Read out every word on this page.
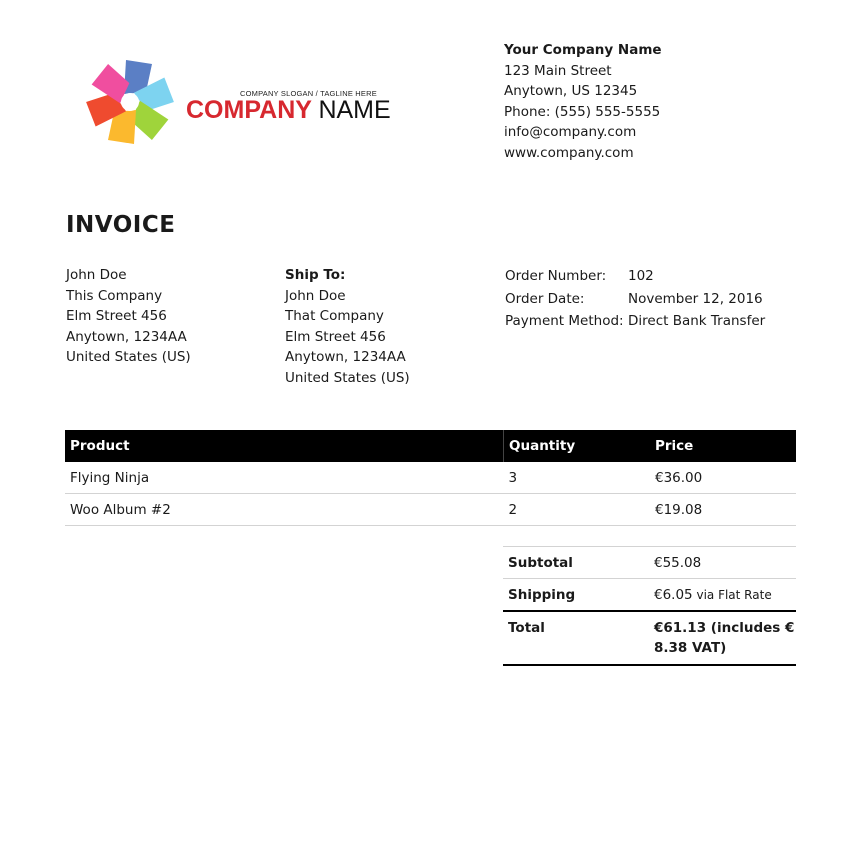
COMPANY SLOGAN / TAGLINE HERE
COMPANY NAME
Your Company Name
123 Main Street
Anytown, US 12345
Phone: (555) 555-5555
info@company.com
www.company.com
INVOICE
John Doe
This Company
Elm Street 456
Anytown, 1234AA
United States (US)
Ship To:
John Doe
That Company
Elm Street 456
Anytown, 1234AA
United States (US)
Order Number:	102
Order Date:	November 12, 2016
Payment Method: Direct Bank Transfer
Product	Quantity	Price
Flying Ninja	3	€36.00
Woo Album #2	2	€19.08
Subtotal	€55.08
Shipping	€6.05 via Flat Rate
Total	€61.13 (includes €
8.38 VAT)
